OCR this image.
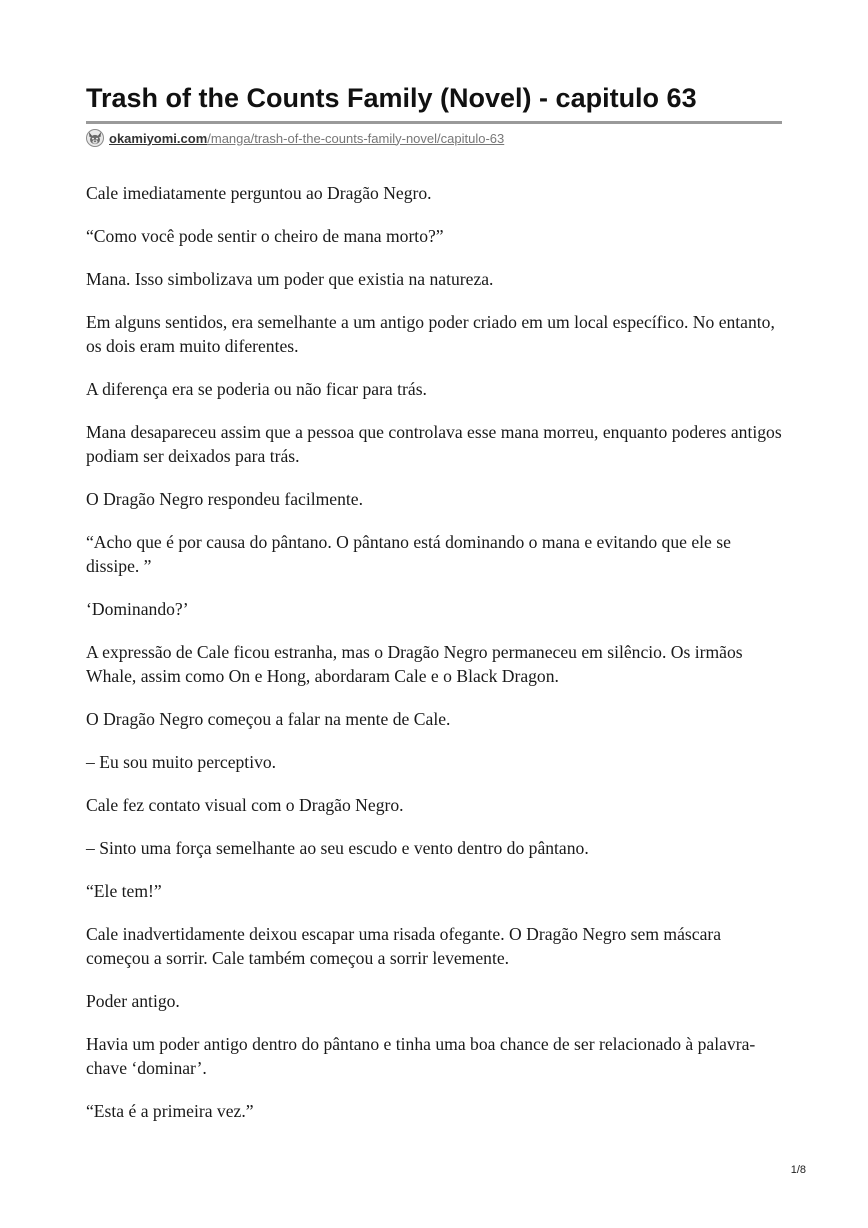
Trash of the Counts Family (Novel) - capitulo 63
okamiyomi.com /manga/trash-of-the-counts-family-novel/capitulo-63

Cale imediatamente perguntou ao Dragão Negro.

“Como você pode sentir o cheiro de mana morto?”

Mana. Isso simbolizava um poder que existia na natureza.

Em alguns sentidos, era semelhante a um antigo poder criado em um local específico. No entanto, os dois eram muito diferentes.

A diferença era se poderia ou não ficar para trás.

Mana desapareceu assim que a pessoa que controlava esse mana morreu, enquanto poderes antigos podiam ser deixados para trás.

O Dragão Negro respondeu facilmente.

“Acho que é por causa do pântano. O pântano está dominando o mana e evitando que ele se dissipe. ”

‘Dominando?’

A expressão de Cale ficou estranha, mas o Dragão Negro permaneceu em silêncio. Os irmãos Whale, assim como On e Hong, abordaram Cale e o Black Dragon.

O Dragão Negro começou a falar na mente de Cale.

– Eu sou muito perceptivo.

Cale fez contato visual com o Dragão Negro.

– Sinto uma força semelhante ao seu escudo e vento dentro do pântano.

“Ele tem!”

Cale inadvertidamente deixou escapar uma risada ofegante. O Dragão Negro sem máscara começou a sorrir. Cale também começou a sorrir levemente.

Poder antigo.

Havia um poder antigo dentro do pântano e tinha uma boa chance de ser relacionado à palavra-chave ‘dominar’.

“Esta é a primeira vez.”

1/8
